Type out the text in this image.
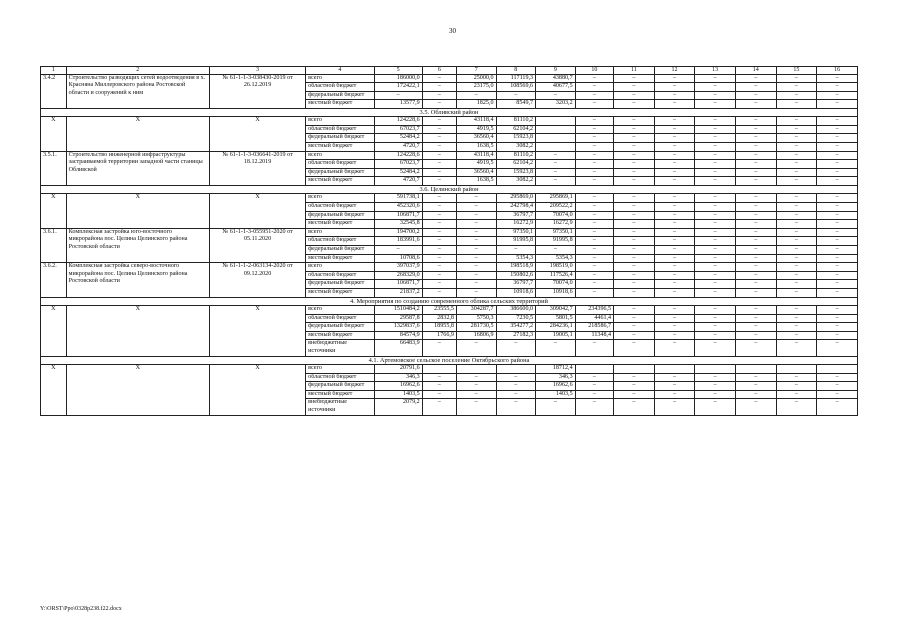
30
1	2	3	4	5	6	7	8	9	10	11	12	13	14	15	16
3.4.2	Строительство разводящих сетей водоотведения в х. Красняна Миллеровского района Ростовской области и сооружений к ним	№ 61-1-1-3-038430-2019 от 26.12.2019	всего	186000,0	–	25000,0	117119,3	43880,7	–	–	–	–	–	–	–
			областной бюджет	172422,1	–	23175,0	108569,6	40677,5	–	–	–	–	–	–	–
			федеральный бюджет	–	–	–	–	–	–	–	–	–	–	–	–
			местный бюджет	13577,9	–	1825,0	8549,7	3203,2	–	–	–	–	–	–	–
3.5. Обливский район															
Х	Х	Х	всего	124228,6	–	43118,4	81110,2		–	–	–	–	–	–	–
			областной бюджет	67023,7	–	4919,5	62104,2		–	–	–	–	–	–	–
			федеральный бюджет	52484,2	–	36560,4	15923,8		–	–	–	–	–	–	–
			местный бюджет	4720,7	–	1638,5	3082,2		–	–	–	–	–	–	–
3.5.1.	Строительство инженерной инфраструктуры застраиваемой территории западной части станицы Обливской	№ 61-1-1-3-036641-2019 от 18.12.2019	всего	124228,6	–	43118,4	81110,2	–	–	–	–	–	–	–	–
			областной бюджет	67023,7	–	4919,5	62104,2	–	–	–	–	–	–	–	–
			федеральный бюджет	52484,2	–	36560,4	15923,8	–	–	–	–	–	–	–	–
			местный бюджет	4720,7	–	1638,5	3082,2	–	–	–	–	–	–	–	–
3.6. Целинский район															
Х	Х	Х	всего	591738,1	–	–	295869,0	295869,1	–	–	–	–	–	–	–
			областной бюджет	452320,6	–	–	242798,4	209522,2	–	–	–	–	–	–	–
			федеральный бюджет	106871,7	–	–	36797,7	70074,0	–	–	–	–	–	–	–
			местный бюджет	32545,8	–	–	16272,9	16272,9	–	–	–	–	–	–	–
3.6.1.	Комплексная застройка юго-восточного микрорайона пос. Целина Целинского района Ростовской области	№ 61-1-1-3-055951-2020 от 05.11.2020	всего	194700,2	–	–	97350,1	97350,1	–	–	–	–	–	–	–
			областной бюджет	183991,6	–	–	91995,8	91995,8	–	–	–	–	–	–	–
			федеральный бюджет	–	–	–	–	–	–	–	–	–	–	–	–
			местный бюджет	10708,6	–	–	5354,3	5354,3	–	–	–	–	–	–	–
3.6.2.	Комплексная застройка северо-восточного микрорайона пос. Целина Целинского района Ростовской области	№ 61-1-1-2-063134-2020 от 09.12.2020	всего	397037,9	–	–	198518,9	198519,0	–	–	–	–	–	–	–
			областной бюджет	268329,0	–	–	150802,6	117526,4	–	–	–	–	–	–	–
			федеральный бюджет	106871,7	–	–	36797,7	70074,0	–	–	–	–	–	–	–
			местный бюджет	21837,2	–	–	10918,6	10918,6	–	–	–	–	–	–	–
4. Мероприятия по созданию современного облика сельских территорий															
Х	Х	Х	всего	1510484,2	23555,5	304287,7	386600,0	309042,7	234396,5	–	–	–	–	–	–
			областной бюджет	29587,8	2832,8	5750,3	7230,5	5801,5	4461,4	–	–	–	–	–	–
			федеральный бюджет	1329837,6	18955,8	281730,5	354277,2	284236,1	218586,7	–	–	–	–	–	–
			местный бюджет	84574,9	1766,9	16806,9	27182,3	19005,1	11348,4	–	–	–	–	–	–
			внебюджетные источники	66483,9	–	–	–	–	–	–	–	–	–	–	–
4.1. Артемовское сельское поселение Октябрьского района															
Х	Х	Х	всего	20791,6				18712,4							
			областной бюджет	346,3	–	–	–	346,3	–	–	–	–	–	–	–
			федеральный бюджет	16962,6	–	–	–	16962,6	–	–	–	–	–	–	–
			местный бюджет	1403,5	–	–	–	1403,5	–	–	–	–	–	–	–
			внебюджетные источники	2079,2	–	–	–	–	–	–	–	–	–	–	–
Y:\ORST\Ppo\0328p238.f22.docx
